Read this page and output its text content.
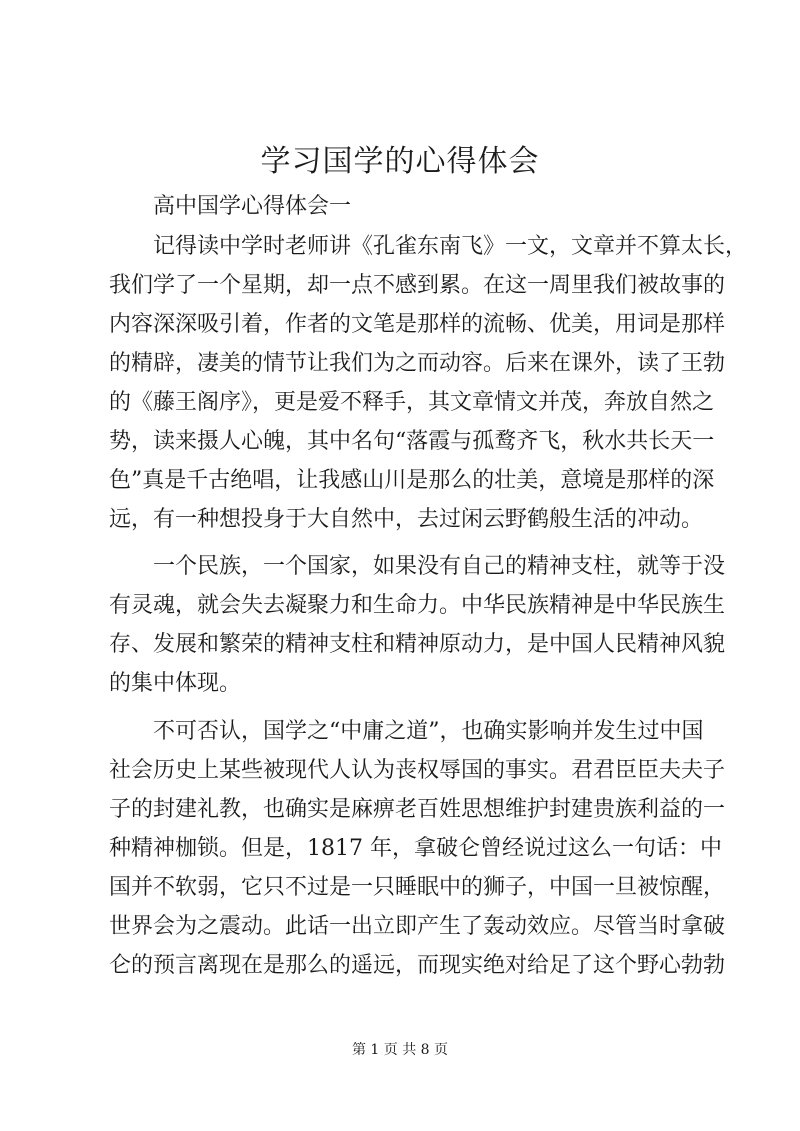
学习国学的心得体会
高中国学心得体会一
记得读中学时老师讲《孔雀东南飞》一文，文章并不算太长，
我们学了一个星期，却一点不感到累。在这一周里我们被故事的
内容深深吸引着，作者的文笔是那样的流畅、优美，用词是那样
的精辟，凄美的情节让我们为之而动容。后来在课外，读了王勃
的《藤王阁序》，更是爱不释手，其文章情文并茂，奔放自然之
势，读来摄人心魄，其中名句“落霞与孤鹜齐飞，秋水共长天一
色”真是千古绝唱，让我感山川是那么的壮美，意境是那样的深
远，有一种想投身于大自然中，去过闲云野鹤般生活的冲动。
一个民族，一个国家，如果没有自己的精神支柱，就等于没
有灵魂，就会失去凝聚力和生命力。中华民族精神是中华民族生
存、发展和繁荣的精神支柱和精神原动力，是中国人民精神风貌
的集中体现。
不可否认，国学之“中庸之道”，也确实影响并发生过中国
社会历史上某些被现代人认为丧权辱国的事实。君君臣臣夫夫子
子的封建礼教，也确实是麻痹老百姓思想维护封建贵族利益的一
种精神枷锁。但是，1817 年，拿破仑曾经说过这么一句话：中
国并不软弱，它只不过是一只睡眠中的狮子，中国一旦被惊醒，
世界会为之震动。此话一出立即产生了轰动效应。尽管当时拿破
仑的预言离现在是那么的遥远，而现实绝对给足了这个野心勃勃
第 1 页 共 8 页
